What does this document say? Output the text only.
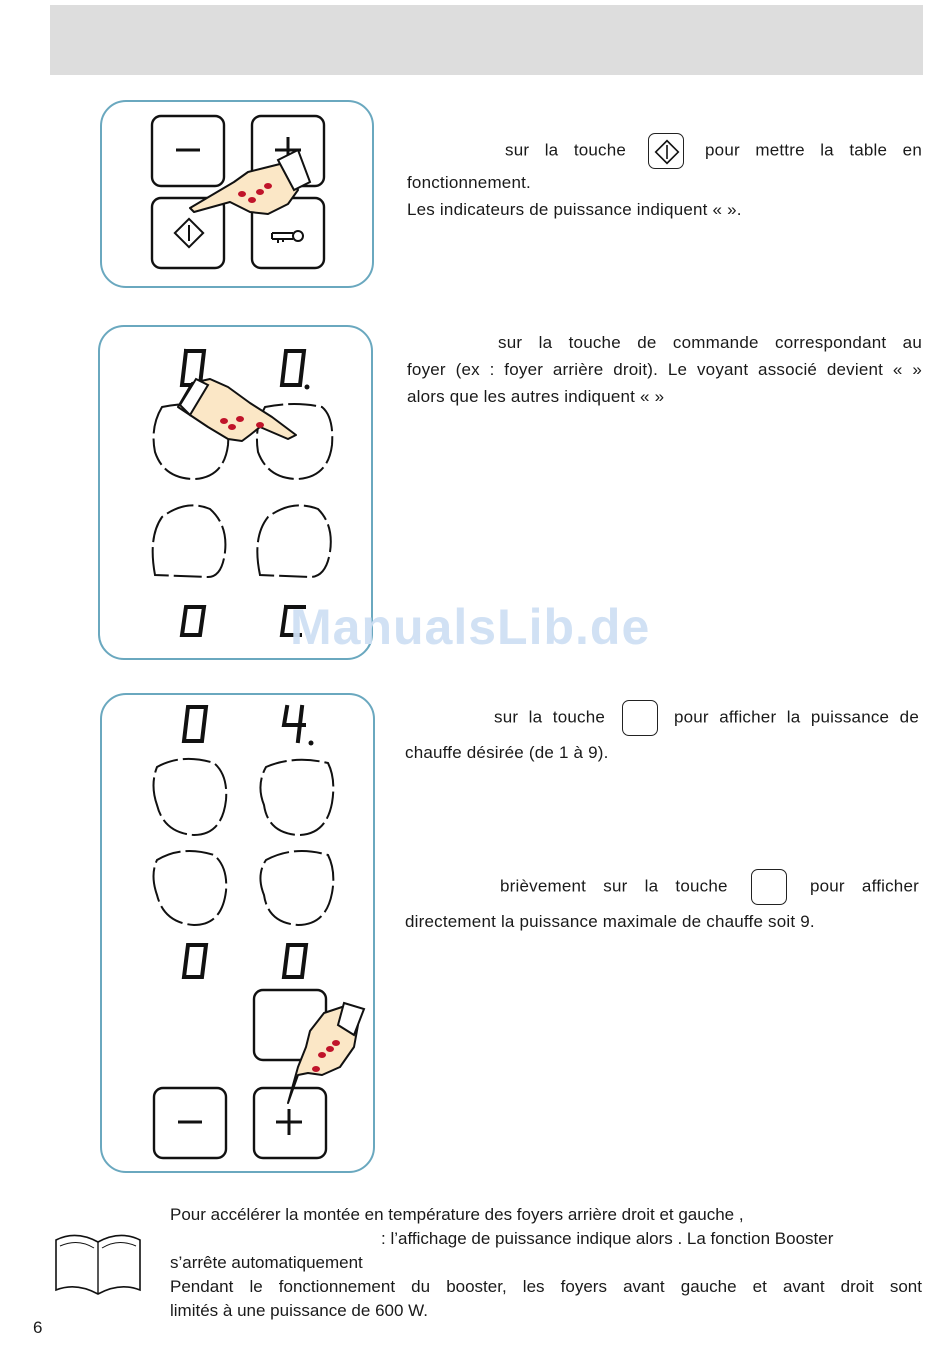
sur la touche	pour mettre la table en
fonctionnement.
Les indicateurs de puissance indiquent « ».
sur la touche de commande correspondant au
foyer (ex : foyer arrière droit). Le voyant associé devient « »
alors que les autres indiquent « »
ManualsLib.de
sur la touche	pour afficher la puissance de
chauffe désirée (de 1 à 9).
brièvement sur la touche	pour afficher
directement la puissance maximale de chauffe soit 9.
Pour accélérer la montée en température des foyers arrière droit et gauche ,
: l’affichage de puissance indique alors . La fonction Booster
s’arrête automatiquement
Pendant le fonctionnement du booster, les foyers avant gauche et avant droit sont
limités à une puissance de 600 W.
6
